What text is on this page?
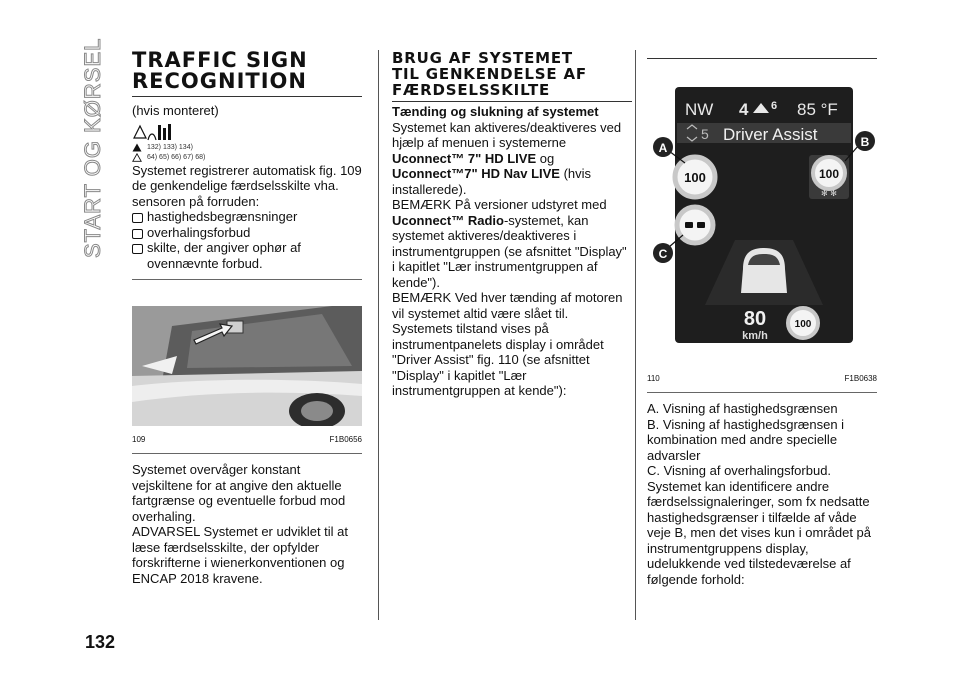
START OG KØRSEL TRAFFIC SIGN
RECOGNITION

(hvis monteret)

132) 133) 134)
64) 65) 66) 67) 68)

Systemet registrerer automatisk fig. 109 de genkendelige færdselsskilte vha. sensoren på forruden:

hastighedsbegrænsninger
overhalingsforbud
skilte, der angiver ophør af ovennævnte forbud.
109	F1B0656

Systemet overvåger konstant vejskiltene for at angive den aktuelle fartgrænse og eventuelle forbud mod overhaling.

ADVARSEL Systemet er udviklet til at læse færdselsskilte, der opfylder forskrifterne i wienerkonventionen og ENCAP 2018 kravene.

BRUG AF SYSTEMET
TIL GENKENDELSE AF
FÆRDSELSSKILTE

Tænding og slukning af systemet

Systemet kan aktiveres/deaktiveres ved hjælp af menuen i systemerne Uconnect™ 7" HD LIVE og Uconnect™7" HD Nav LIVE (hvis installerede).

BEMÆRK På versioner udstyret med Uconnect™ Radio-systemet, kan systemet aktiveres/deaktiveres i instrumentgruppen (se afsnittet "Display" i kapitlet "Lær instrumentgruppen af kende").

BEMÆRK Ved hver tænding af motoren vil systemet altid være slået til.

Systemets tilstand vises på instrumentpanelets display i området "Driver Assist" fig. 110 (se afsnittet "Display" i kapitlet "Lær instrumentgruppen at kende"):

NW 4 6 85 °F
5 Driver Assist
100	100
✻ ✻
80
km/h
100
A	B
C
110	F1B0638

A. Visning af hastighedsgrænsen

B. Visning af hastighedsgrænsen i kombination med andre specielle advarsler

C. Visning af overhalingsforbud.

Systemet kan identificere andre færdselssignaleringer, som fx nedsatte hastighedsgrænser i tilfælde af våde veje B, men det vises kun i området på instrumentgruppens display, udelukkende ved tilstedeværelse af følgende forhold:

132
